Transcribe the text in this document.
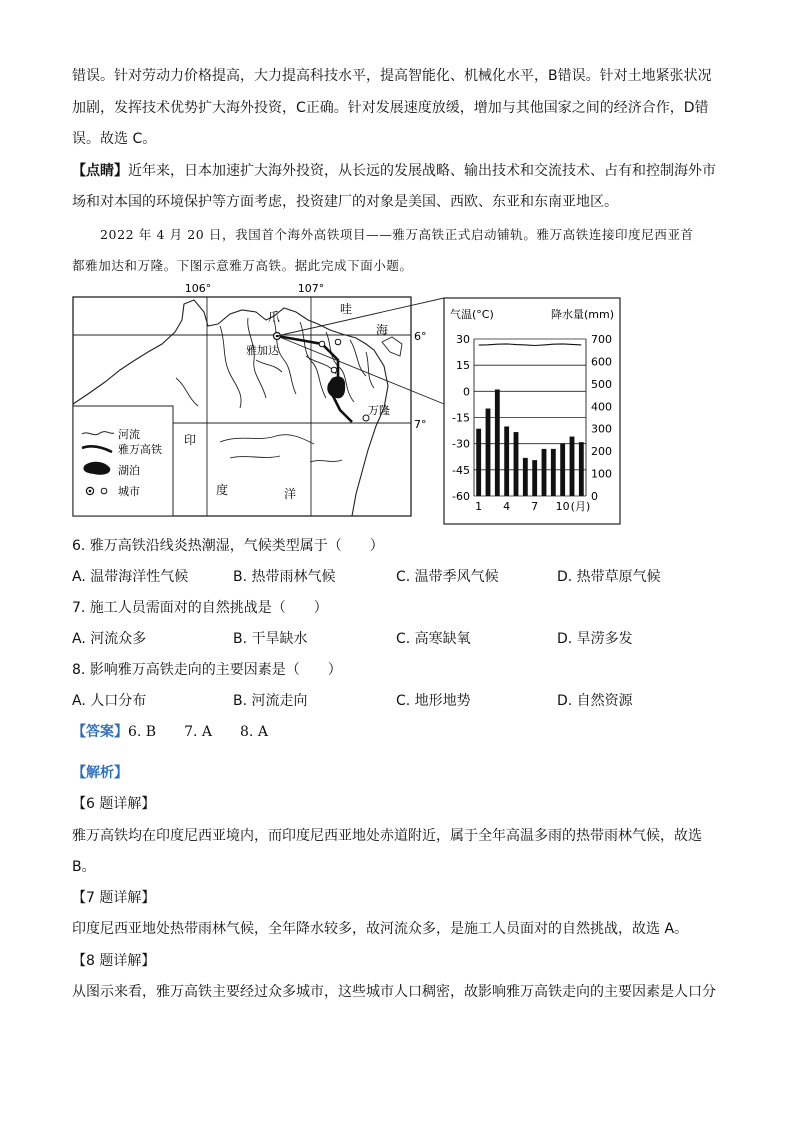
错误。针对劳动力价格提高，大力提高科技水平，提高智能化、机械化水平，B错误。针对土地紧张状况
加剧，发挥技术优势扩大海外投资，C正确。针对发展速度放缓，增加与其他国家之间的经济合作，D错
误。故选 C。
【点睛】近年来，日本加速扩大海外投资，从长远的发展战略、输出技术和交流技术、占有和控制海外市
场和对本国的环境保护等方面考虑，投资建厂的对象是美国、西欧、东亚和东南亚地区。
2022 年 4 月 20 日，我国首个海外高铁项目——雅万高铁正式启动铺轨。雅万高铁连接印度尼西亚首
都雅加达和万隆。下图示意雅万高铁。据此完成下面小题。
106°	107°
6°
7°
爪
哇
海
雅加达
万隆
印
度	洋
河流
雅万高铁
湖泊
城市
气温(°C)	降水量(mm)
30
15
0
-15
-30
-45
-60
700
600
500
400
300
200
100
0
1 4 7 10 (月)
6. 雅万高铁沿线炎热潮湿，气候类型属于（　　）
A. 温带海洋性气候	B. 热带雨林气候	C. 温带季风气候	D. 热带草原气候
7. 施工人员需面对的自然挑战是（　　）
A. 河流众多	B. 干旱缺水	C. 高寒缺氧	D. 旱涝多发
8. 影响雅万高铁走向的主要因素是（　　）
A. 人口分布	B. 河流走向	C. 地形地势	D. 自然资源
【答案】6. B　　7. A　　8. A
【解析】
【6 题详解】
雅万高铁均在印度尼西亚境内，而印度尼西亚地处赤道附近，属于全年高温多雨的热带雨林气候，故选
B。
【7 题详解】
印度尼西亚地处热带雨林气候，全年降水较多，故河流众多，是施工人员面对的自然挑战，故选 A。
【8 题详解】
从图示来看，雅万高铁主要经过众多城市，这些城市人口稠密，故影响雅万高铁走向的主要因素是人口分
